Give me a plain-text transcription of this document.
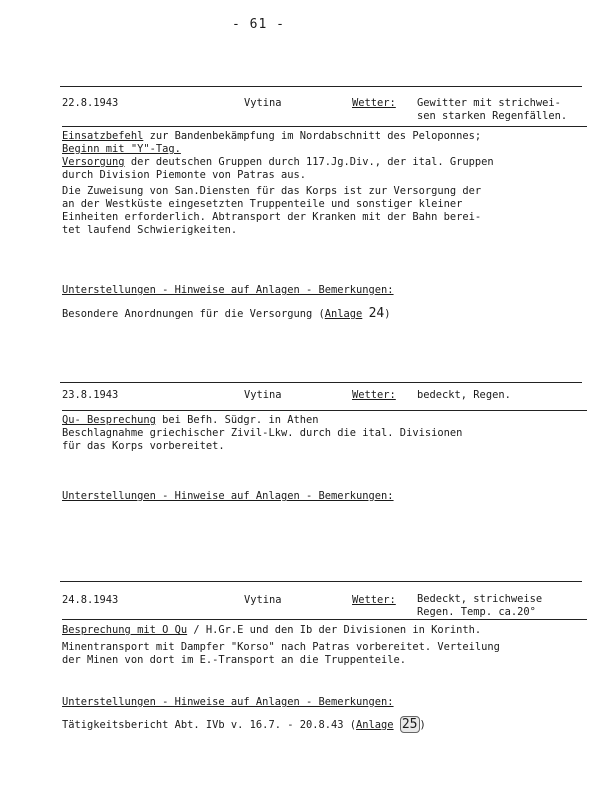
- 61 -
22.8.1943	Vytina	Wetter: Gewitter mit strichwei-
sen starken Regenfällen.
Einsatzbefehl zur Bandenbekämpfung im Nordabschnitt des Peloponnes;
Beginn mit "Y"-Tag.
Versorgung der deutschen Gruppen durch 117.Jg.Div., der ital. Gruppen
durch Division Piemonte von Patras aus.
Die Zuweisung von San.Diensten für das Korps ist zur Versorgung der
an der Westküste eingesetzten Truppenteile und sonstiger kleiner
Einheiten erforderlich. Abtransport der Kranken mit der Bahn berei-
tet laufend Schwierigkeiten.
Unterstellungen - Hinweise auf Anlagen - Bemerkungen:
Besondere Anordnungen für die Versorgung (Anlage 24)
23.8.1943	Vytina	Wetter: bedeckt, Regen.
Qu- Besprechung bei Befh. Südgr. in Athen
Beschlagnahme griechischer Zivil-Lkw. durch die ital. Divisionen
für das Korps vorbereitet.
Unterstellungen - Hinweise auf Anlagen - Bemerkungen:
24.8.1943	Vytina	Wetter: Bedeckt, strichweise
Regen. Temp. ca.20°
Besprechung mit O Qu / H.Gr.E und den Ib der Divisionen in Korinth.
Minentransport mit Dampfer "Korso" nach Patras vorbereitet. Verteilung
der Minen von dort im E.-Transport an die Truppenteile.
Unterstellungen - Hinweise auf Anlagen - Bemerkungen:
Tätigkeitsbericht Abt. IVb v. 16.7. - 20.8.43 (Anlage 25 )
